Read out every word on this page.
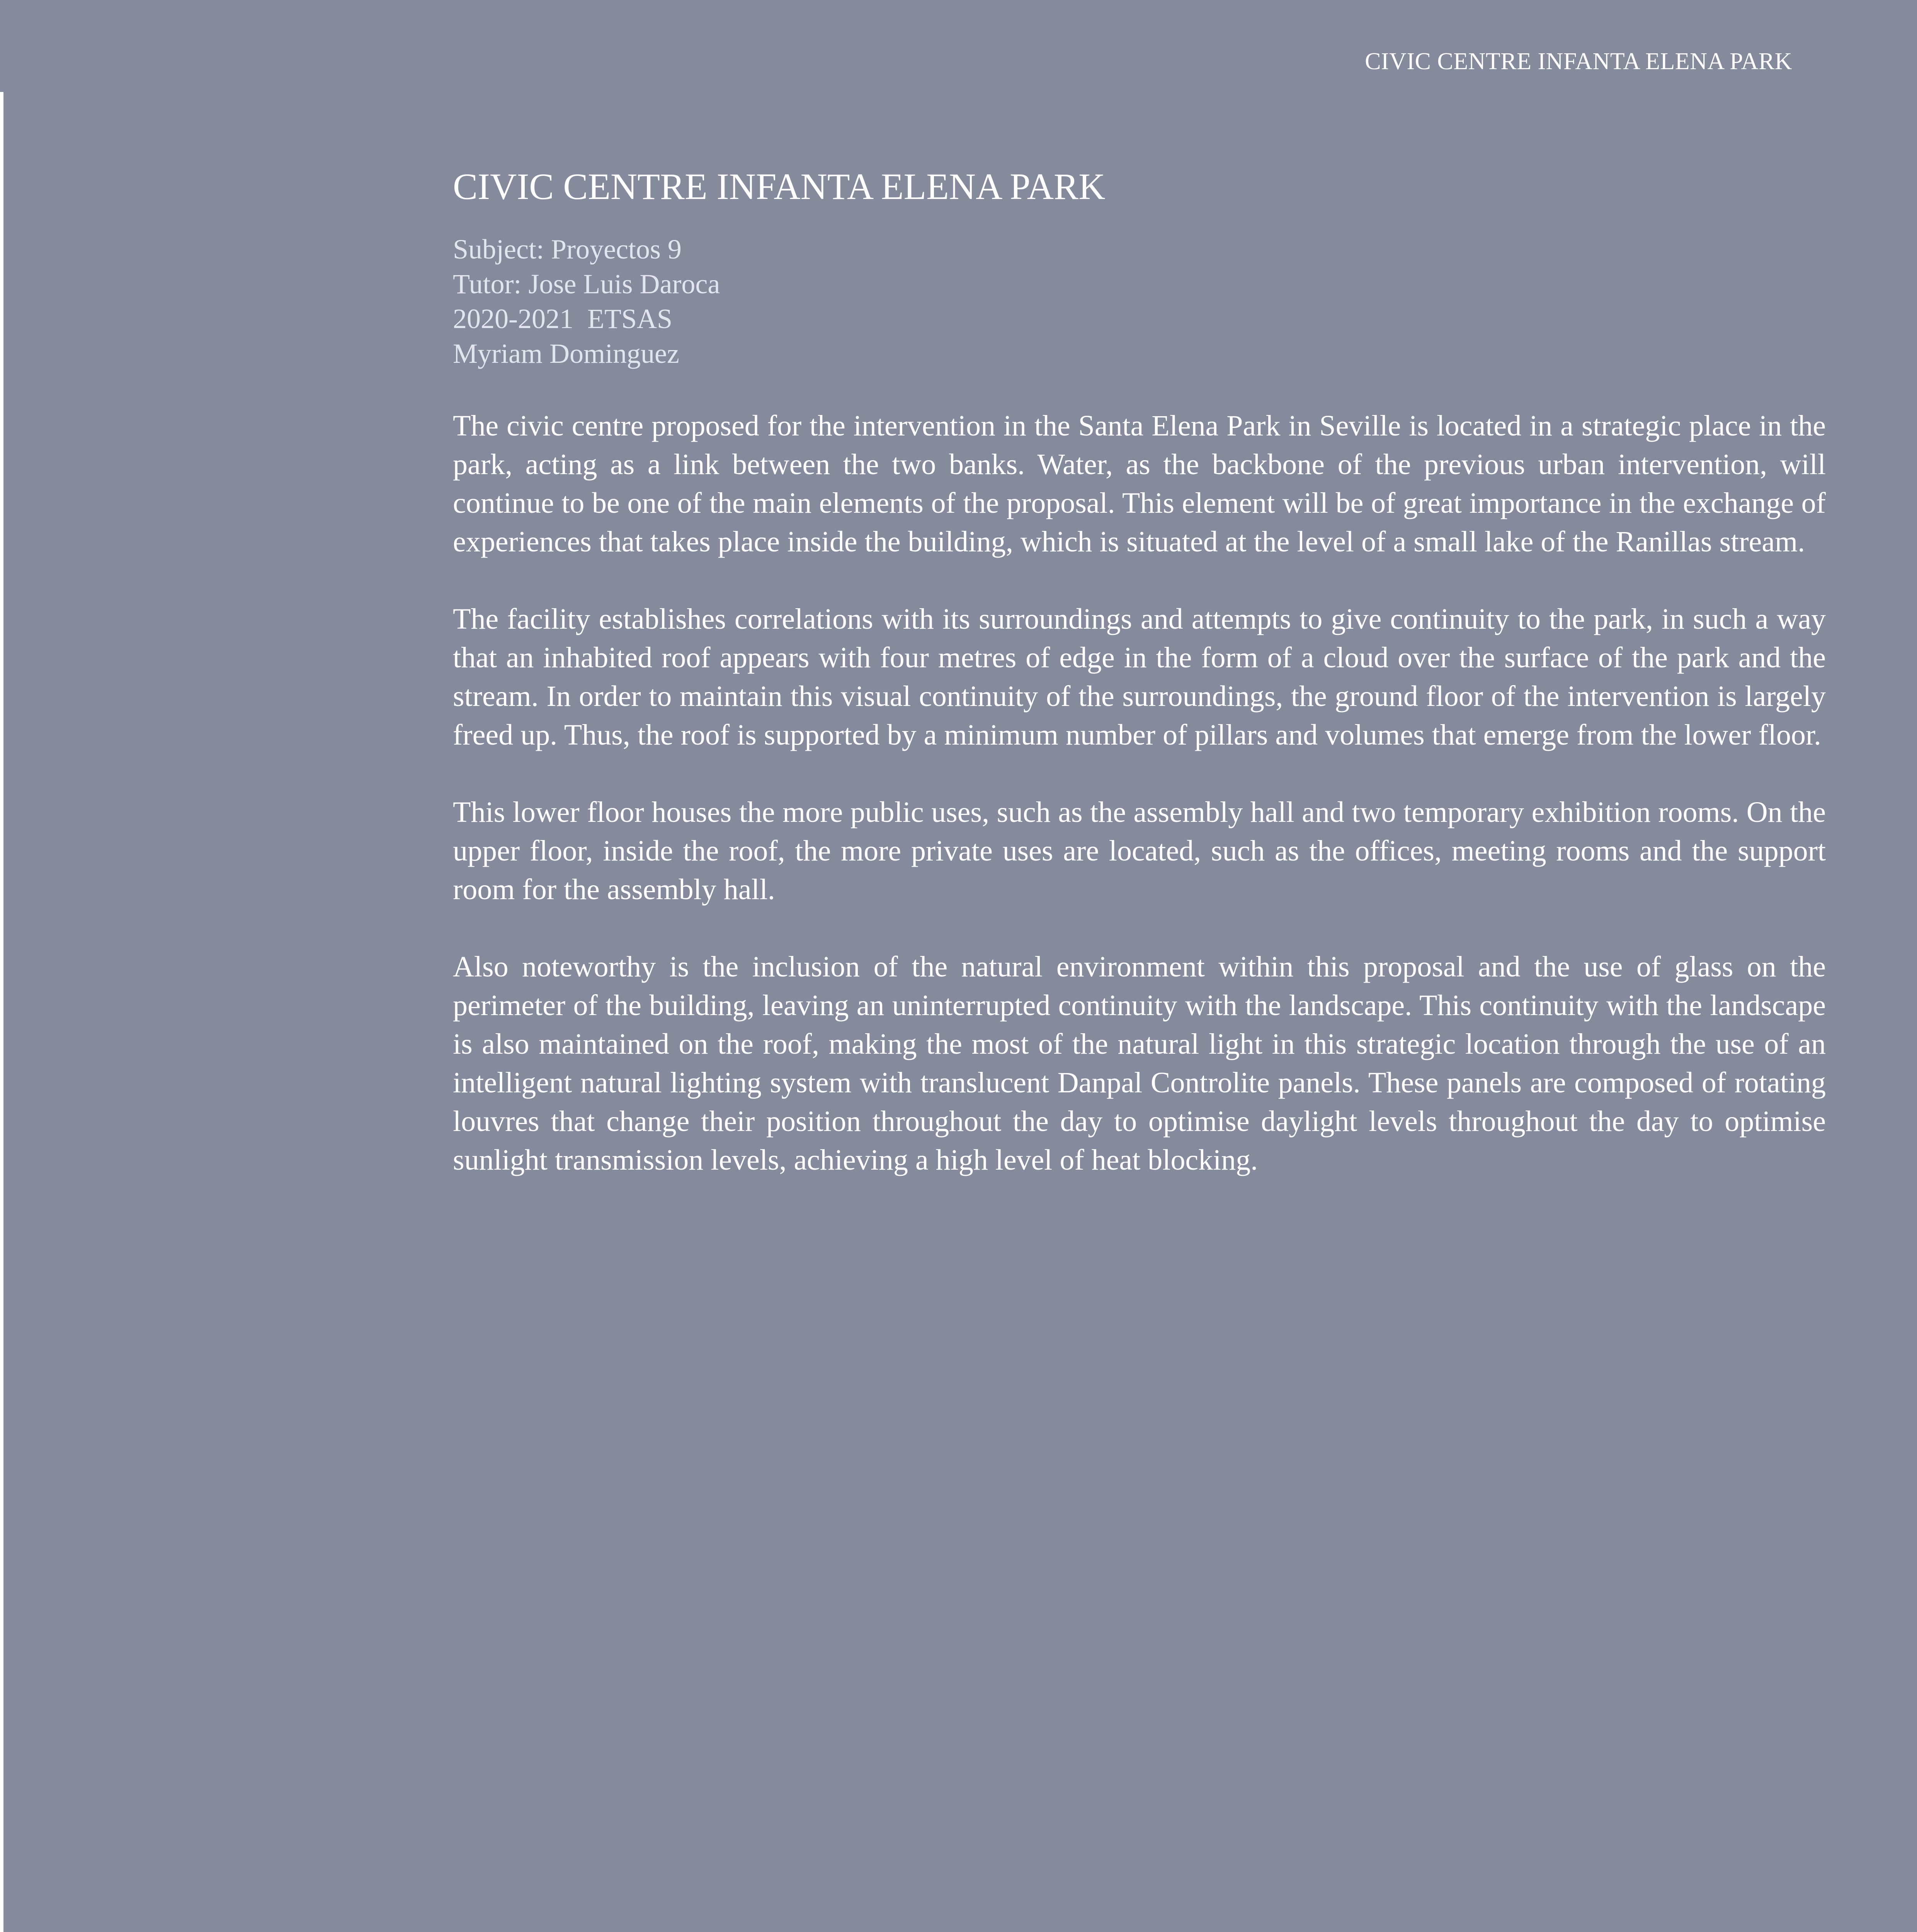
CIVIC CENTRE INFANTA ELENA PARK
CIVIC CENTRE INFANTA ELENA PARK
Subject: Proyectos 9
Tutor: Jose Luis Daroca
2020-2021  ETSAS
Myriam Dominguez

The civic centre proposed for the intervention in the Santa Elena Park in Seville is located in a strategic place in the park, acting as a link between the two banks. Water, as the backbone of the previous urban intervention, will continue to be one of the main elements of the proposal. This element will be of great importance in the exchange of experiences that takes place inside the building, which is situated at the level of a small lake of the Ranillas stream.

The facility establishes correlations with its surroundings and attempts to give continuity to the park, in such a way that an inhabited roof appears with four metres of edge in the form of a cloud over the surface of the park and the stream. In order to maintain this visual continuity of the surroundings, the ground floor of the intervention is largely freed up. Thus, the roof is supported by a minimum number of pillars and volumes that emerge from the lower floor.

This lower floor houses the more public uses, such as the assembly hall and two temporary exhibition rooms. On the upper floor, inside the roof, the more private uses are located, such as the offices, meeting rooms and the support room for the assembly hall.

Also noteworthy is the inclusion of the natural environment within this proposal and the use of glass on the perimeter of the building, leaving an uninterrupted continuity with the landscape. This continuity with the landscape is also maintained on the roof, making the most of the natural light in this strategic location through the use of an intelligent natural lighting system with translucent Danpal Controlite panels. These panels are composed of rotating louvres that change their position throughout the day to optimise daylight levels throughout the day to optimise sunlight transmission levels, achieving a high level of heat blocking.
